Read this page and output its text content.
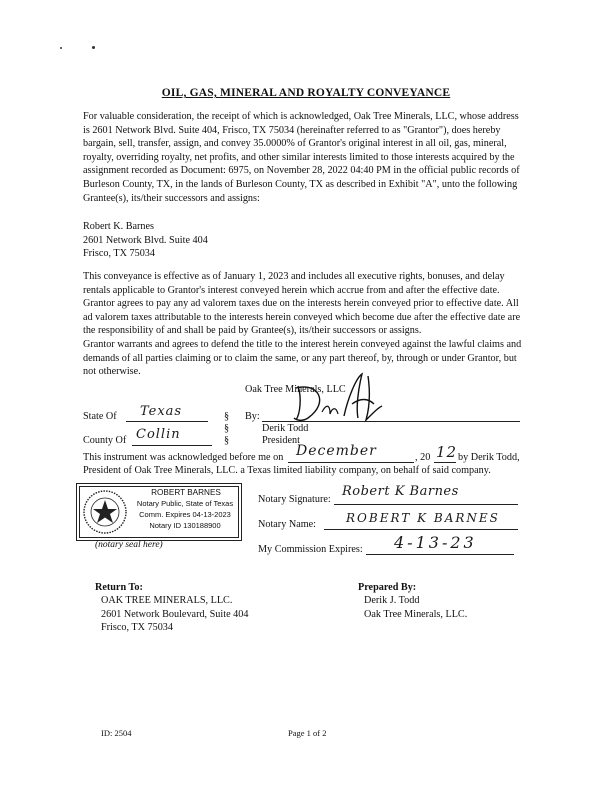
OIL, GAS, MINERAL AND ROYALTY CONVEYANCE
For valuable consideration, the receipt of which is acknowledged, Oak Tree Minerals, LLC, whose address
is 2601 Network Blvd. Suite 404, Frisco, TX 75034 (hereinafter referred to as "Grantor"), does hereby
bargain, sell, transfer, assign, and convey 35.0000% of Grantor's original interest in all oil, gas, mineral,
royalty, overriding royalty, net profits, and other similar interests limited to those interests acquired by the
assignment recorded as Document: 6975, on November 28, 2022 04:40 PM in the official public records of
Burleson County, TX, in the lands of Burleson County, TX as described in Exhibit "A", unto the following
Grantee(s), its/their successors and assigns:
Robert K. Barnes
2601 Network Blvd. Suite 404
Frisco, TX 75034
This conveyance is effective as of January 1, 2023 and includes all executive rights, bonuses, and delay
rentals applicable to Grantor's interest conveyed herein which accrue from and after the effective date.
Grantor agrees to pay any ad valorem taxes due on the interests herein conveyed prior to effective date. All
ad valorem taxes attributable to the interests herein conveyed which become due after the effective date are
the responsibility of and shall be paid by Grantee(s), its/their successors or assigns.
Grantor warrants and agrees to defend the title to the interest herein conveyed against the lawful claims and
demands of all parties claiming or to claim the same, or any part thereof, by, through or under Grantor, but
not otherwise.
Oak Tree Minerals, LLC
By:
Derik Todd
President
State Of Texas	§
§
§
County Of Collin
This instrument was acknowledged before me on December	, 20 12 by Derik Todd,
President of Oak Tree Minerals, LLC. a Texas limited liability company, on behalf of said company.
ROBERT BARNES
Notary Public, State of Texas
Comm. Expires 04-13-2023
Notary ID 130188900
(notary seal here)
Notary Signature:
Robert K Barnes
Notary Name:	ROBERT K BARNES
My Commission Expires: 4-13-23
Return To:
OAK TREE MINERALS, LLC.
2601 Network Boulevard, Suite 404
Frisco, TX 75034
Prepared By:
Derik J. Todd
Oak Tree Minerals, LLC.
ID: 2504	Page 1 of 2
